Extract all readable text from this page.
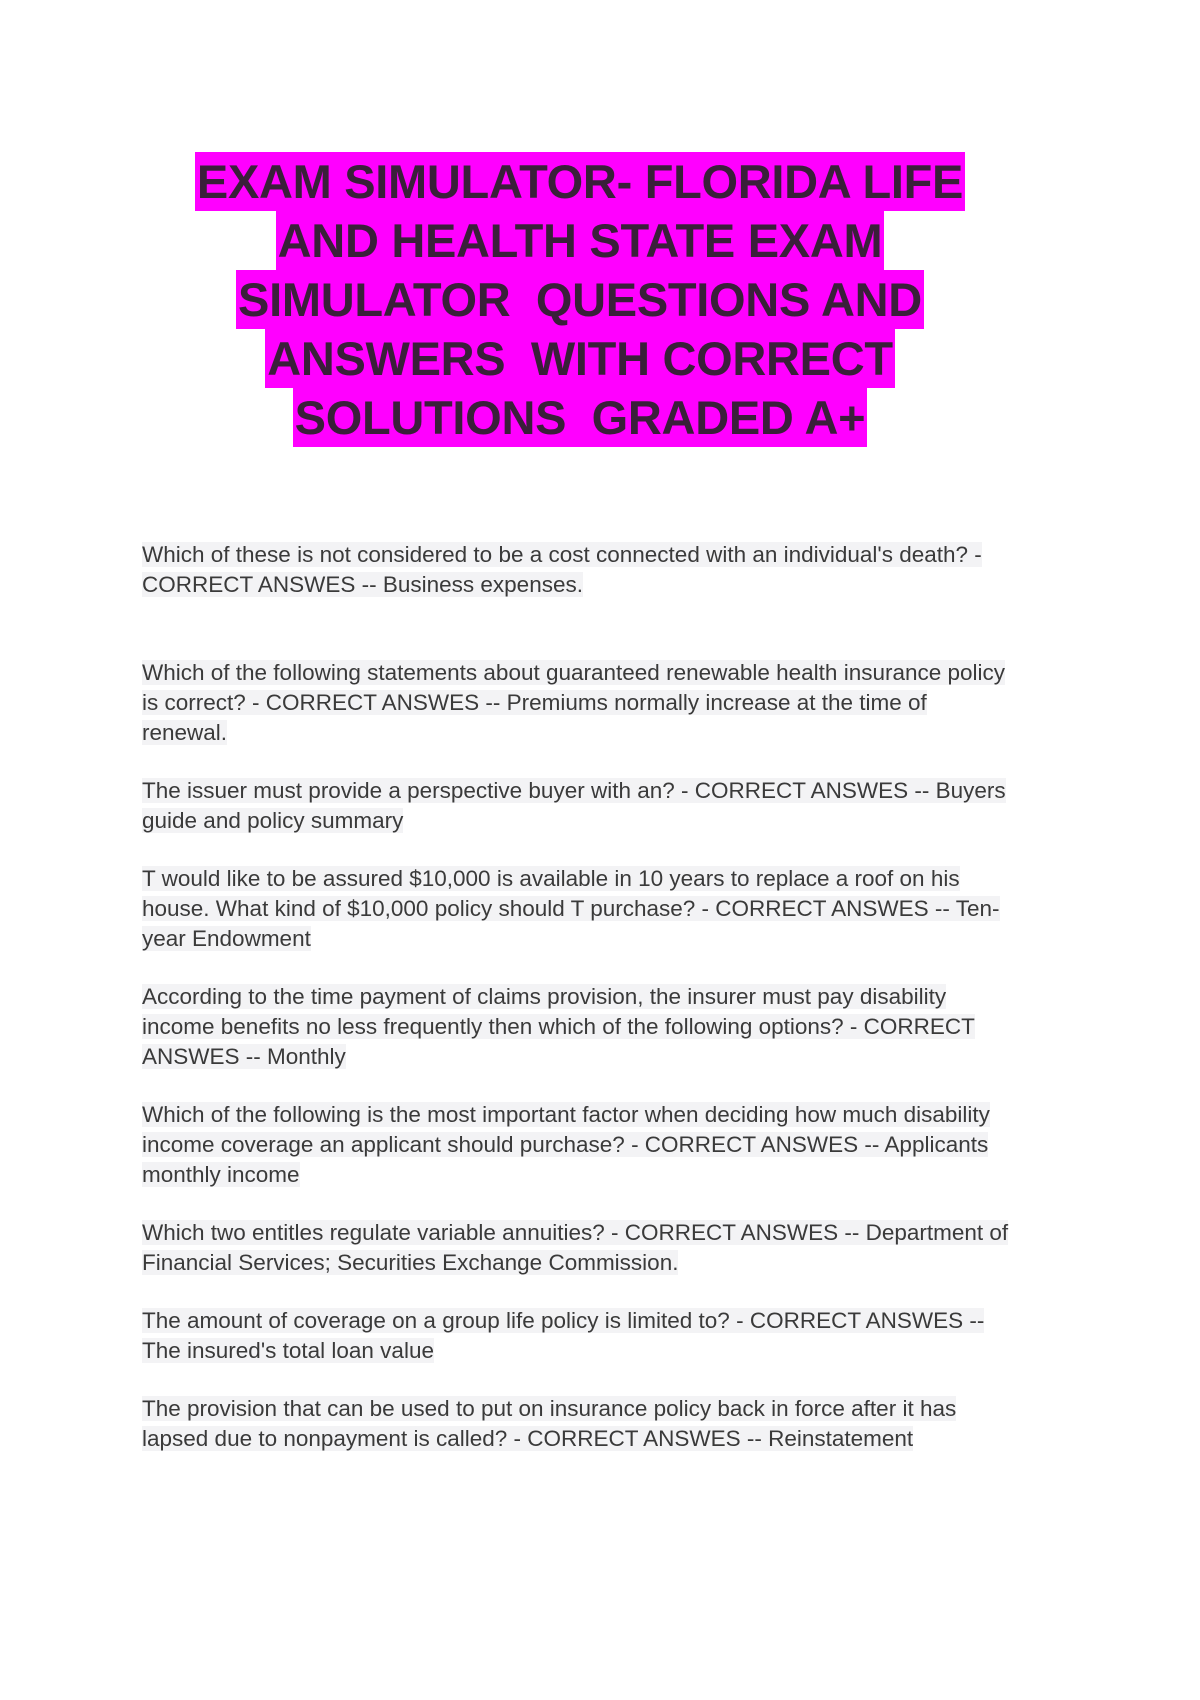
EXAM SIMULATOR- FLORIDA LIFE
AND HEALTH STATE EXAM
SIMULATOR  QUESTIONS AND
ANSWERS  WITH CORRECT
SOLUTIONS  GRADED A+

Which of these is not considered to be a cost connected with an individual's death? -
CORRECT ANSWES -- Business expenses.

Which of the following statements about guaranteed renewable health insurance policy
is correct? - CORRECT ANSWES -- Premiums normally increase at the time of
renewal.

The issuer must provide a perspective buyer with an? - CORRECT ANSWES -- Buyers
guide and policy summary

T would like to be assured $10,000 is available in 10 years to replace a roof on his
house. What kind of $10,000 policy should T purchase? - CORRECT ANSWES -- Ten-
year Endowment

According to the time payment of claims provision, the insurer must pay disability
income benefits no less frequently then which of the following options? - CORRECT
ANSWES -- Monthly

Which of the following is the most important factor when deciding how much disability
income coverage an applicant should purchase? - CORRECT ANSWES -- Applicants
monthly income

Which two entitles regulate variable annuities? - CORRECT ANSWES -- Department of
Financial Services; Securities Exchange Commission.

The amount of coverage on a group life policy is limited to? - CORRECT ANSWES --
The insured's total loan value

The provision that can be used to put on insurance policy back in force after it has
lapsed due to nonpayment is called? - CORRECT ANSWES -- Reinstatement
